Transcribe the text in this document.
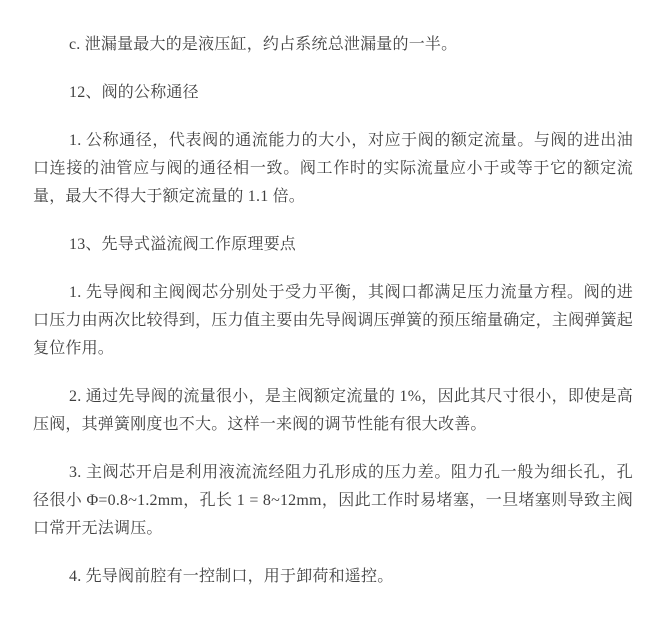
c. 泄漏量最大的是液压缸，约占系统总泄漏量的一半。

12、阀的公称通径

1. 公称通径，代表阀的通流能力的大小，对应于阀的额定流量。与阀的进出油口连接的油管应与阀的通径相一致。阀工作时的实际流量应小于或等于它的额定流量，最大不得大于额定流量的 1.1 倍。

13、先导式溢流阀工作原理要点

1. 先导阀和主阀阀芯分别处于受力平衡，其阀口都满足压力流量方程。阀的进口压力由两次比较得到，压力值主要由先导阀调压弹簧的预压缩量确定，主阀弹簧起复位作用。

2. 通过先导阀的流量很小，是主阀额定流量的 1%，因此其尺寸很小，即使是高压阀，其弹簧刚度也不大。这样一来阀的调节性能有很大改善。

3. 主阀芯开启是利用液流流经阻力孔形成的压力差。阻力孔一般为细长孔，孔径很小 Φ=0.8~1.2mm，孔长 1 = 8~12mm，因此工作时易堵塞，一旦堵塞则导致主阀口常开无法调压。

4. 先导阀前腔有一控制口，用于卸荷和遥控。
